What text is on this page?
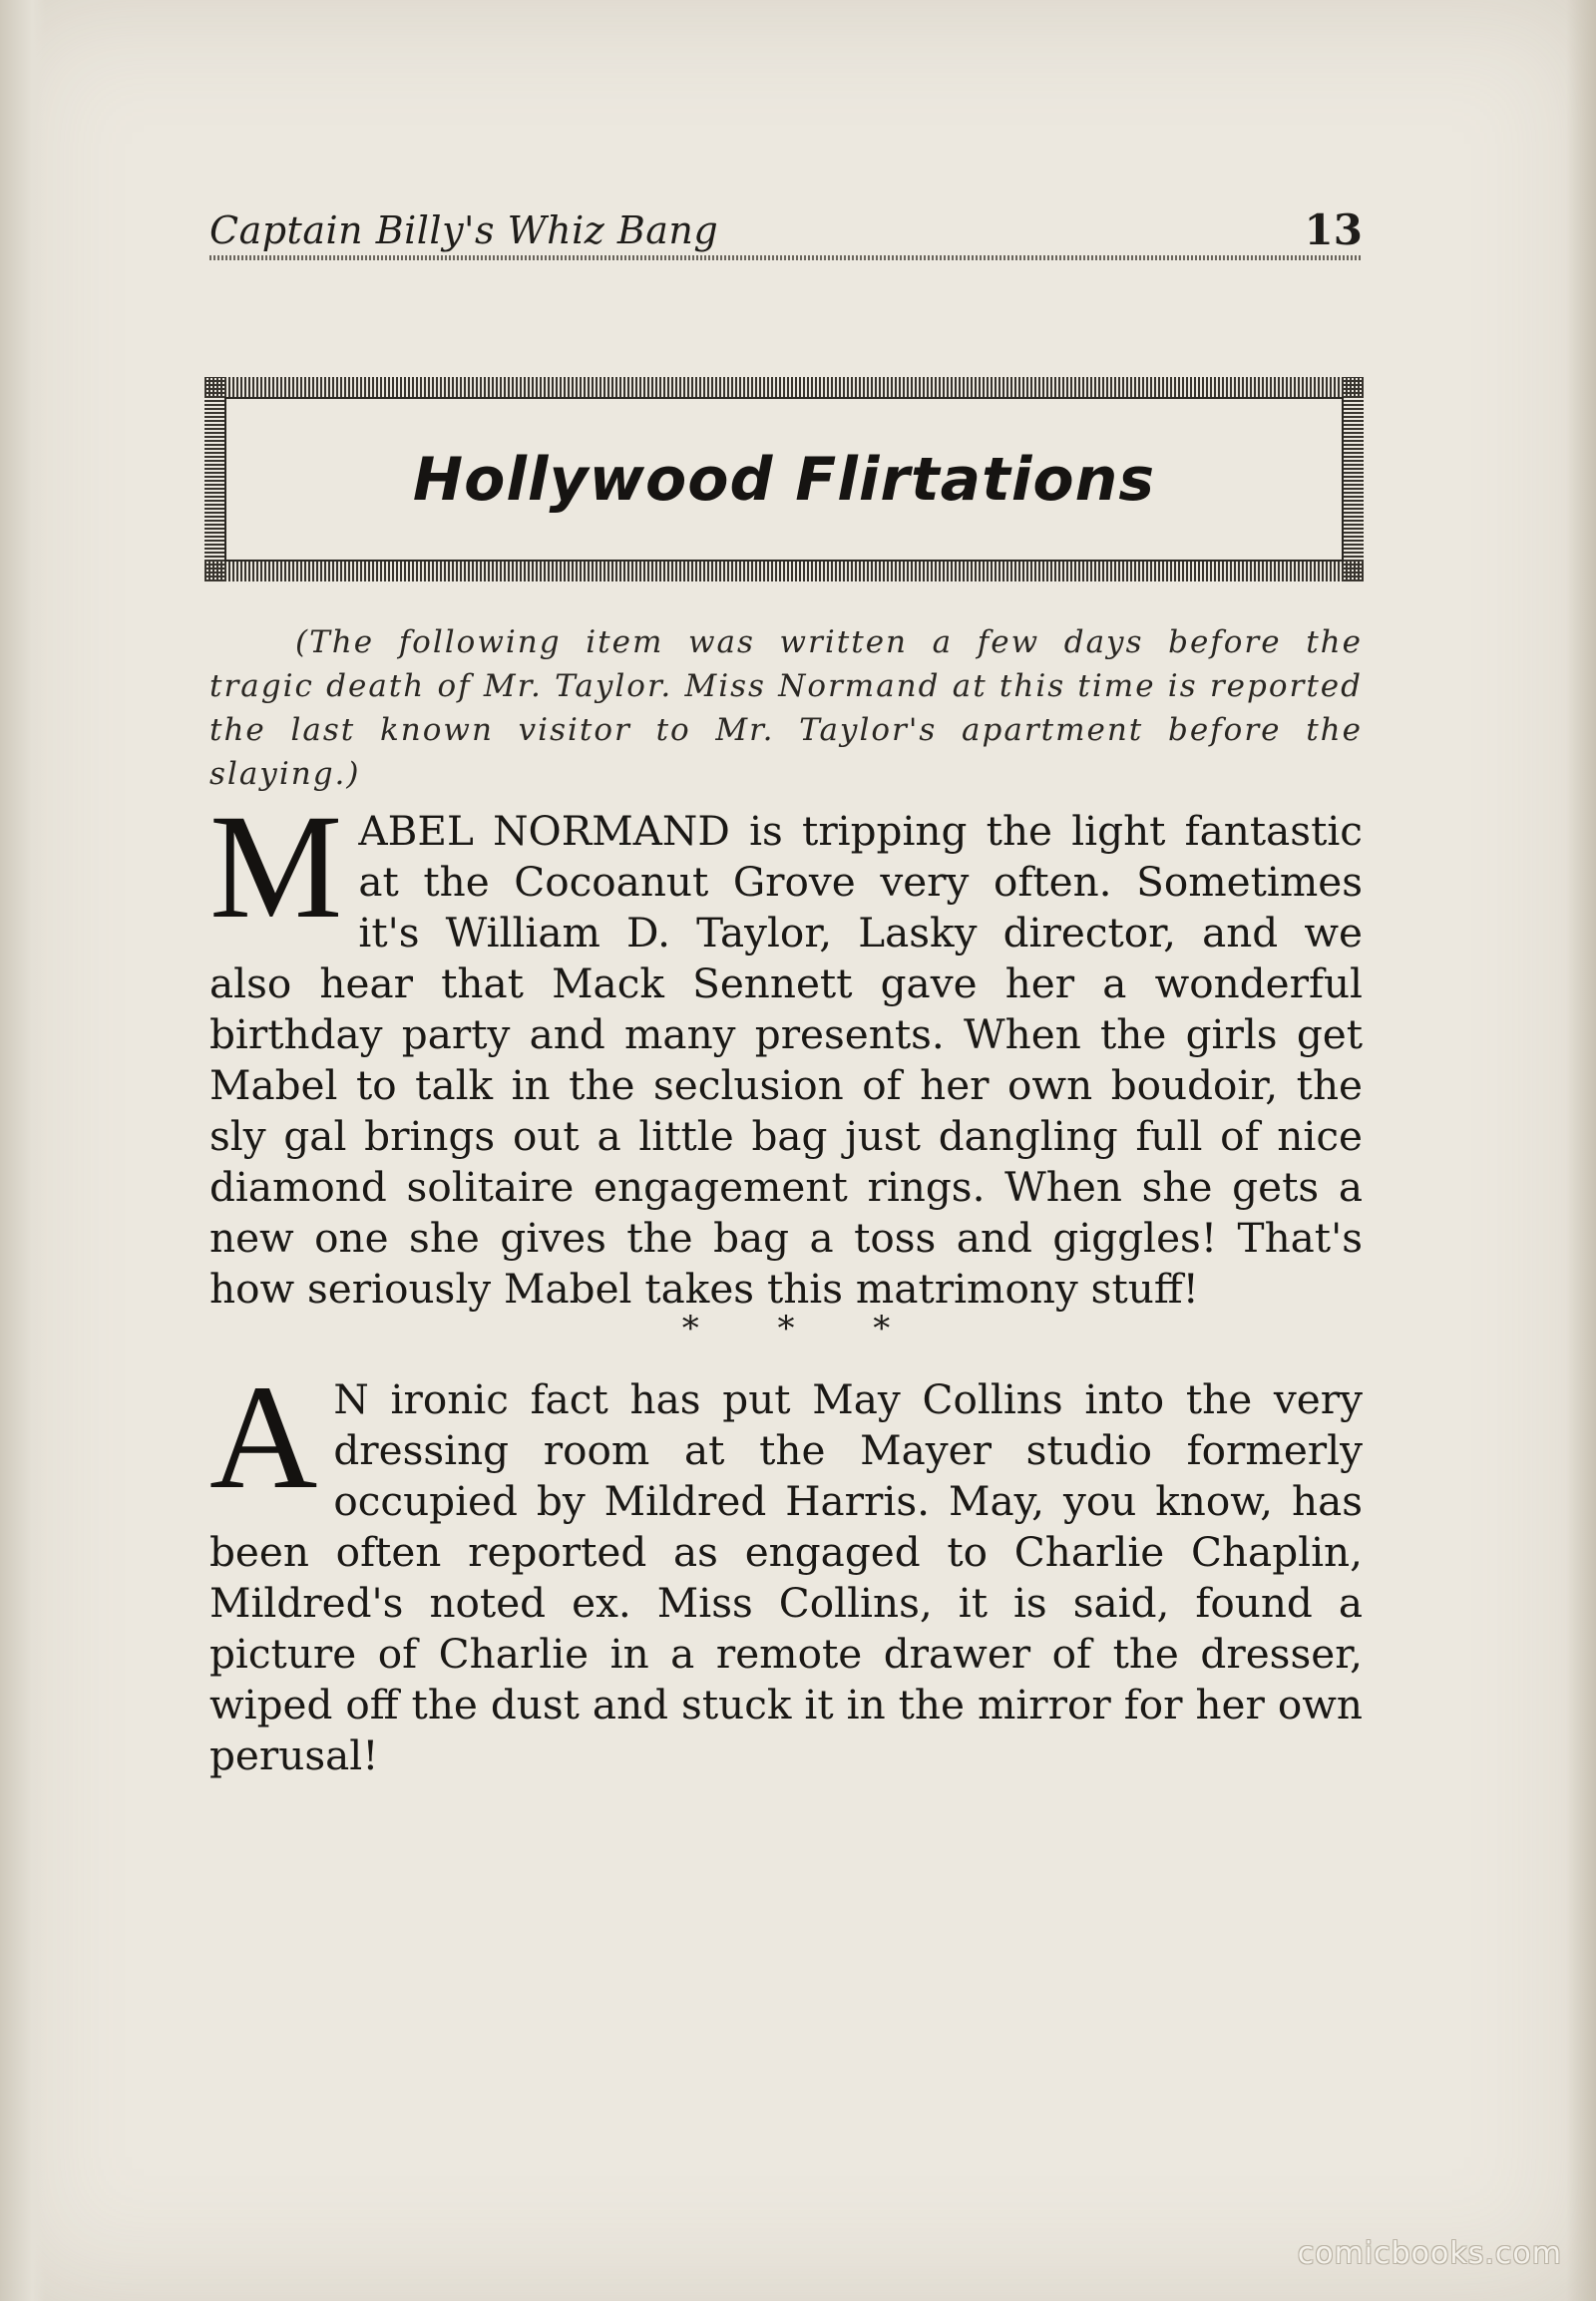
Captain Billy's Whiz Bang	13
Hollywood Flirtations

(The following item was written a few days before the tragic death of Mr. Taylor. Miss Normand at this time is reported the last known visitor to Mr. Taylor's apartment before the slaying.)

M ABEL NORMAND is tripping the light fantastic at the Cocoanut Grove very often. Sometimes it's William D. Taylor, Lasky director, and we also hear that Mack Sennett gave her a wonderful birthday party and many presents. When the girls get Mabel to talk in the seclusion of her own boudoir, the sly gal brings out a little bag just dangling full of nice diamond solitaire engagement rings. When she gets a new one she gives the bag a toss and giggles! That's how seriously Mabel takes this matrimony stuff!

* * *

A N ironic fact has put May Collins into the very dressing room at the Mayer studio formerly occupied by Mildred Harris. May, you know, has been often reported as engaged to Charlie Chaplin, Mildred's noted ex. Miss Collins, it is said, found a picture of Charlie in a remote drawer of the dresser, wiped off the dust and stuck it in the mirror for her own perusal!

comicbooks.com
